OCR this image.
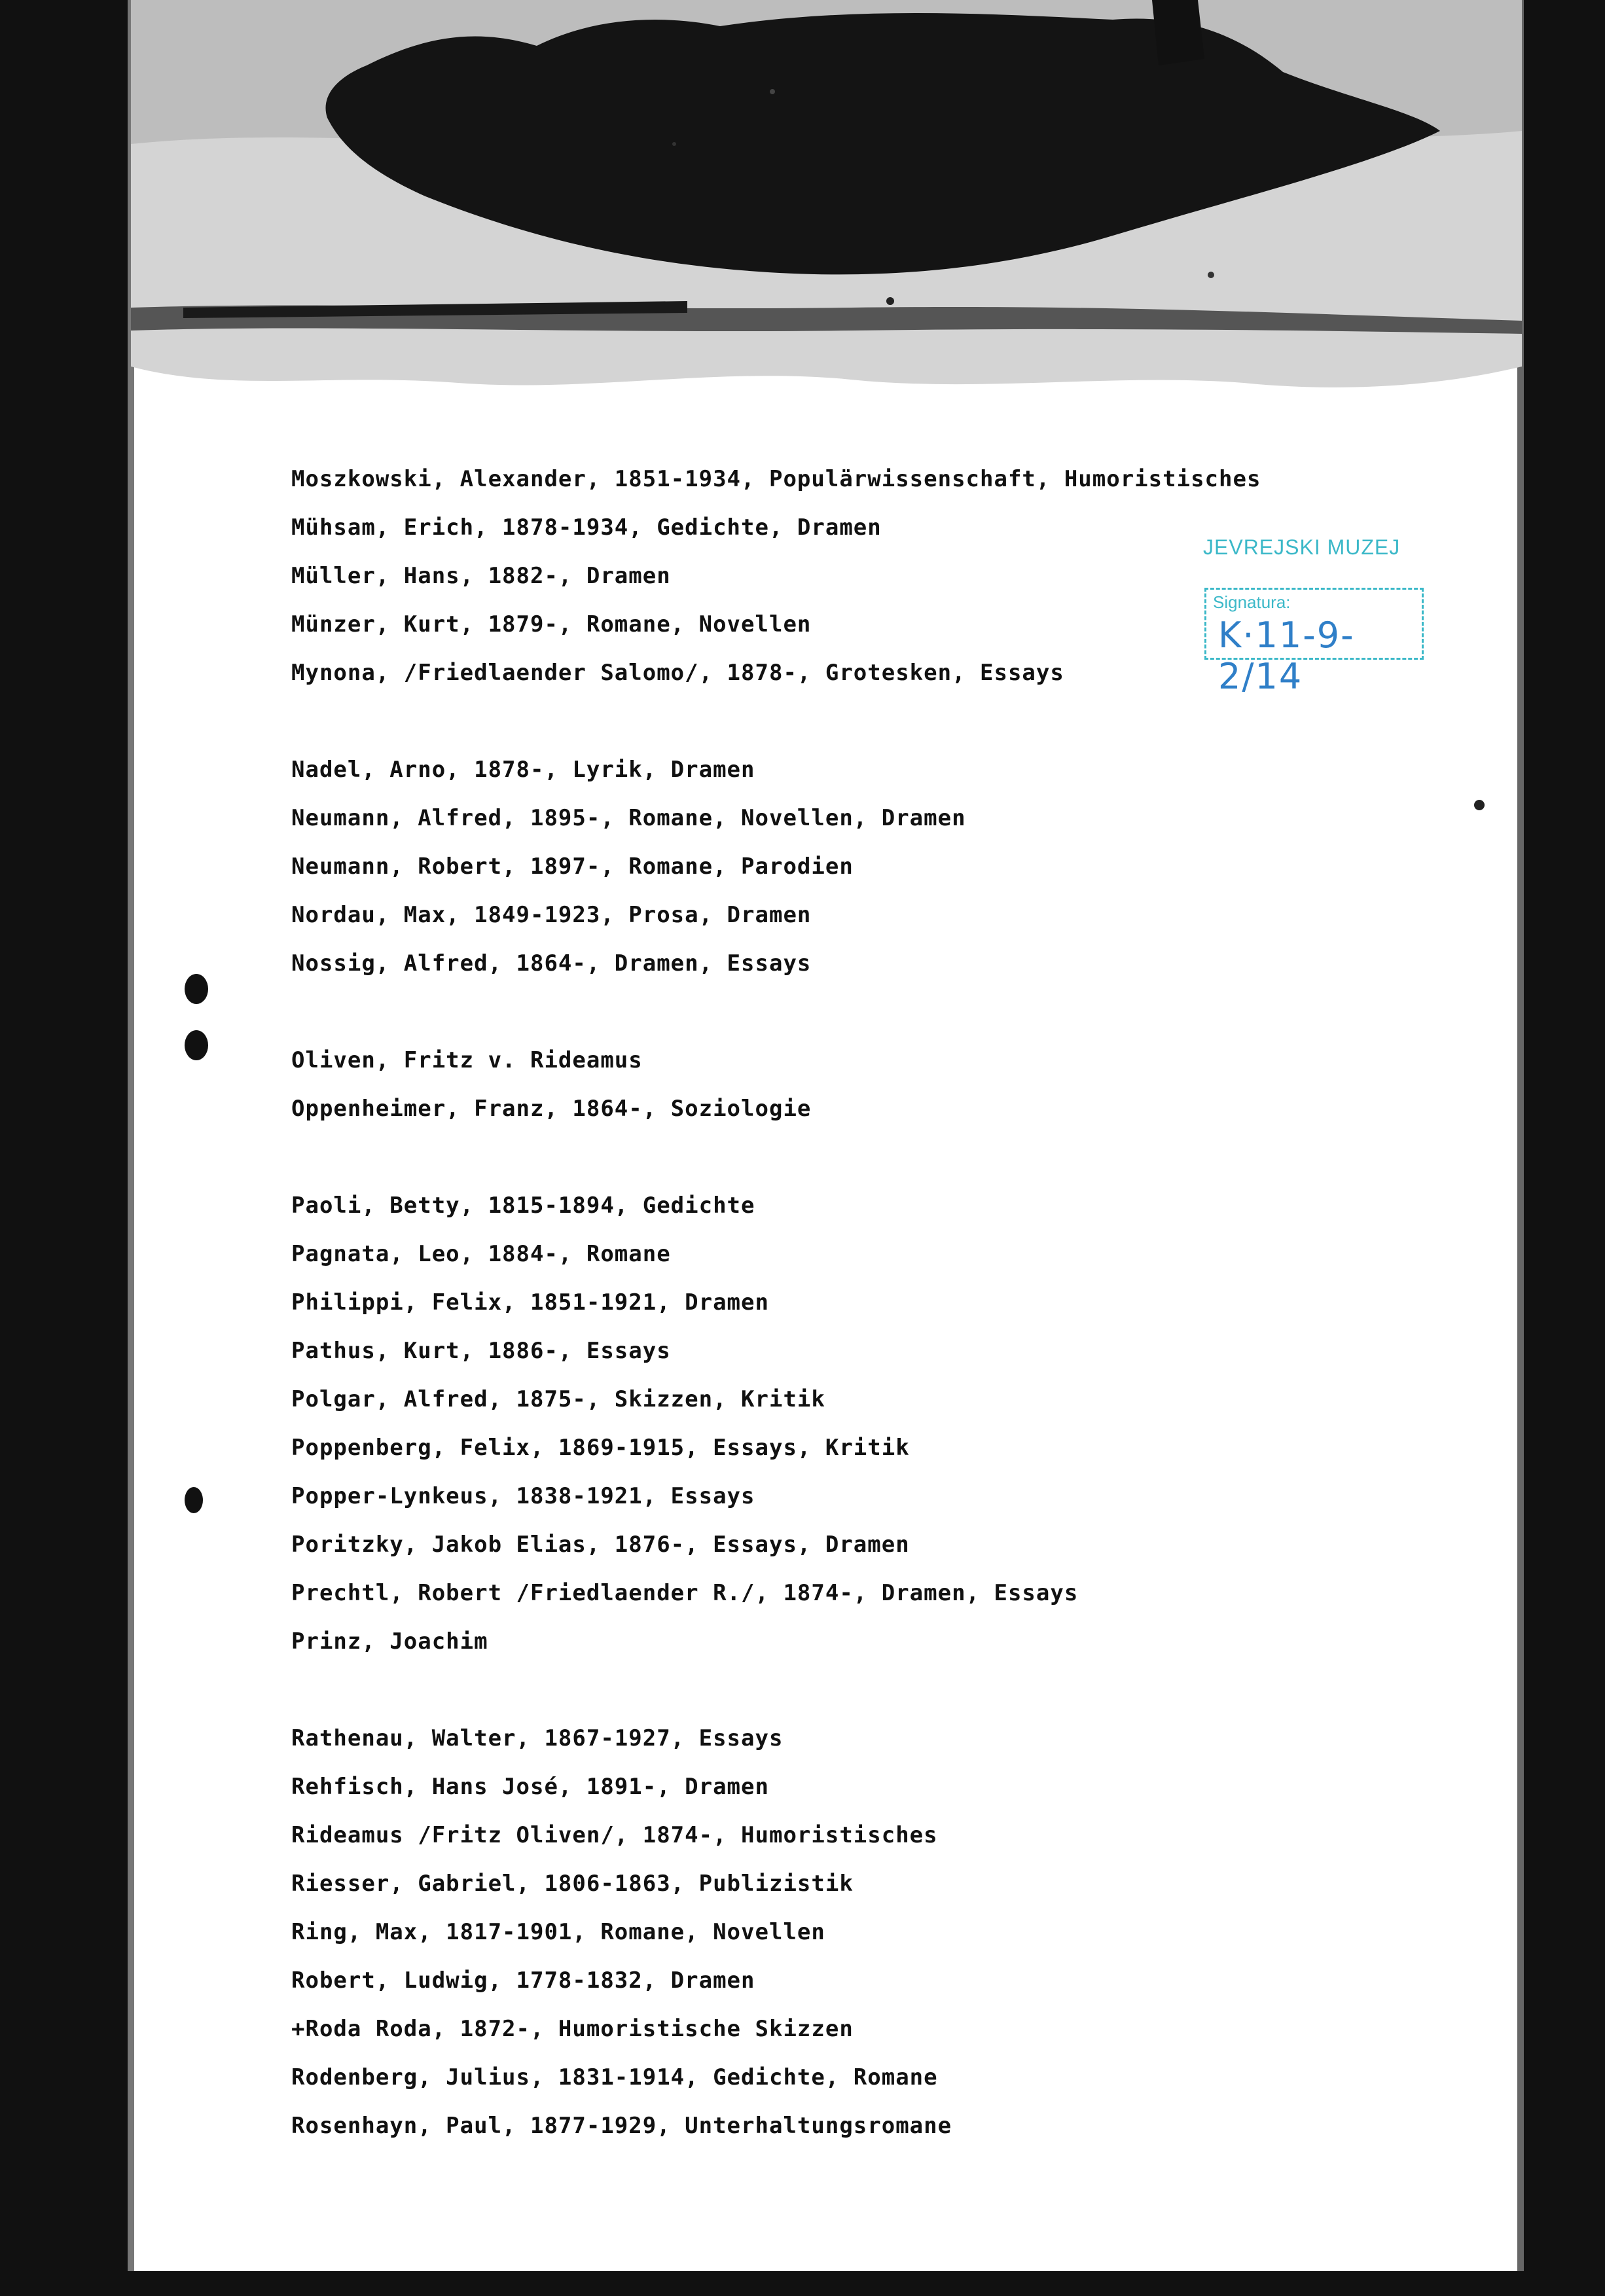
JEVREJSKI MUZEJ
Signatura:
K·11-9-2/14
Moszkowski, Alexander, 1851-1934, Populärwissenschaft, Humoristisches
Mühsam, Erich, 1878-1934, Gedichte, Dramen
Müller, Hans, 1882-, Dramen
Münzer, Kurt, 1879-, Romane, Novellen
Mynona, /Friedlaender Salomo/, 1878-, Grotesken, Essays
Nadel, Arno, 1878-, Lyrik, Dramen
Neumann, Alfred, 1895-, Romane, Novellen, Dramen
Neumann, Robert, 1897-, Romane, Parodien
Nordau, Max, 1849-1923, Prosa, Dramen
Nossig, Alfred, 1864-, Dramen, Essays
Oliven, Fritz v. Rideamus
Oppenheimer, Franz, 1864-, Soziologie
Paoli, Betty, 1815-1894, Gedichte
Pagnata, Leo, 1884-, Romane
Philippi, Felix, 1851-1921, Dramen
Pathus, Kurt, 1886-, Essays
Polgar, Alfred, 1875-, Skizzen, Kritik
Poppenberg, Felix, 1869-1915, Essays, Kritik
Popper-Lynkeus, 1838-1921, Essays
Poritzky, Jakob Elias, 1876-, Essays, Dramen
Prechtl, Robert /Friedlaender R./, 1874-, Dramen, Essays
Prinz, Joachim
Rathenau, Walter, 1867-1927, Essays
Rehfisch, Hans José, 1891-, Dramen
Rideamus /Fritz Oliven/, 1874-, Humoristisches
Riesser, Gabriel, 1806-1863, Publizistik
Ring, Max, 1817-1901, Romane, Novellen
Robert, Ludwig, 1778-1832, Dramen
+Roda Roda, 1872-, Humoristische Skizzen
Rodenberg, Julius, 1831-1914, Gedichte, Romane
Rosenhayn, Paul, 1877-1929, Unterhaltungsromane
